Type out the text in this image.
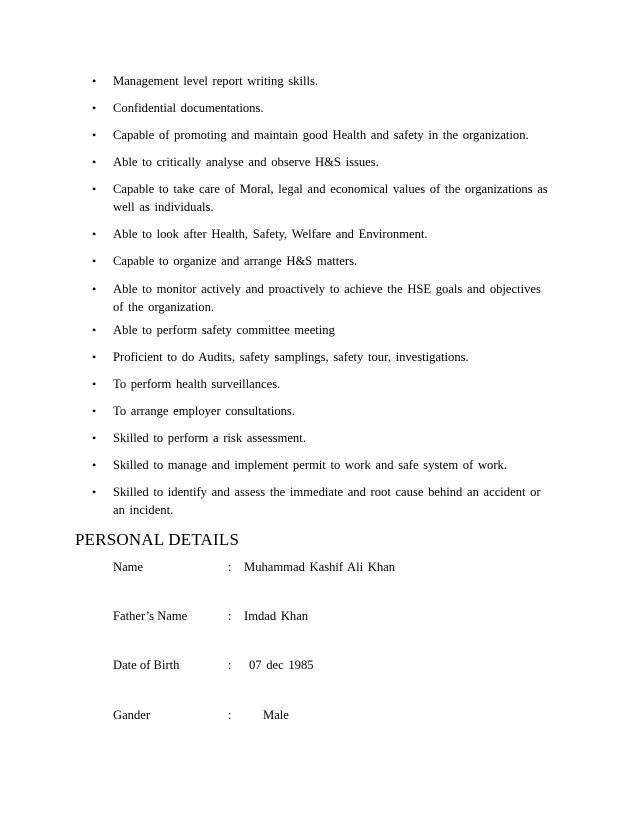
•	Management level report writing skills.
•	Confidential documentations.
•	Capable of promoting and maintain good Health and safety in the organization.
•	Able to critically analyse and observe H&S issues.
•	Capable to take care of Moral, legal and economical values of the organizations as well as individuals.
•	Able to look after Health, Safety, Welfare and Environment.
•	Capable to organize and arrange H&S matters.
•	Able to monitor actively and proactively to achieve the HSE goals and objectives of the organization.
•	Able to perform safety committee meeting
•	Proficient to do Audits, safety samplings, safety tour, investigations.
•	To perform health surveillances.
•	To arrange employer consultations.
•	Skilled to perform a risk assessment.
•	Skilled to manage and implement permit to work and safe system of work.
•	Skilled to identify and assess the immediate and root cause behind an accident or an incident.
PERSONAL DETAILS
Name	: Muhammad Kashif Ali Khan
Father’s Name	: Imdad Khan
Date of Birth	: 07 dec 1985
Gander	:	Male
